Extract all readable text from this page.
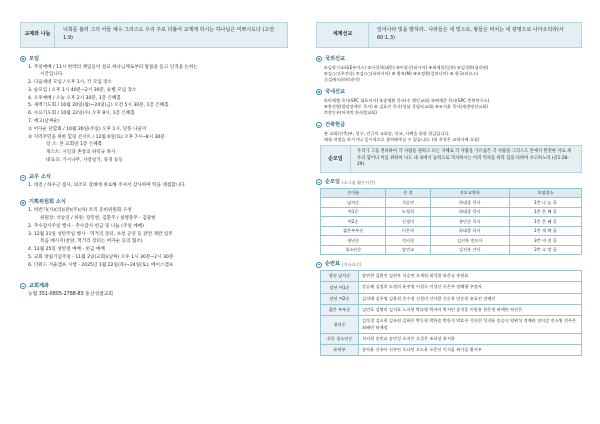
교제와 나눔
너희를 불러 그의 아들 예수 그리스도 우리 주로 더불어 교제케 하시는 하나님은 미쁘시도다 (고전 1:9)
모임
1. 주일예배 / 11시 한약의 책임들이 설교 하나님께로부터 말씀을 듣고 인격을 논하는
시간입니다.
2. 다음세대 모임 / 오후 1시, 각 모임 장소
3. 순모임 / 오후 1시 40분~2시 30분, 순별 모임 장소
4. 오후예배 / 오늘 오후 2시 30분, 1층 은혜홀
5. 새벽기도회 / 10월 20일(월)~24일(금) 오전 5시 30분, 1층 은혜홀
6. 수요기도회 / 10월 22일(수) 오후 8시, 1층 은혜홀
7. 예고(날짜순)
① 여자순 단합회 / 10월 26일(주일) 오후 1시, 단풍 나들이
② 지역주민을 위한 힐링 콘서트 / 12월 6일(토) 오후 7시~8시 30분
장 소: 본 교회당 1층 은혜홀
게스트: 시인과 촌장의 하덕규 목사
대표곡: 가시나무, 사랑일기, 풍경 등등
교우 소식
1. 대전 / 하우근 집사, 외조모 장례에 위로해 주셔서 감사하며 떡을 대접합니다.
기획위원회 소식
1. 하반기(사)(리)(관)(주)(차) 조직 준비위원회 구성
위원장: 석승연 / 위원: 장민현, 김환주 / 실행총무 - 김광헌
2. 추수감사주일 행사 - 추수감사 헌금 및 나눔 (주일 예배)
3. 12월 21일 성탄주일 행사 - 먹거리 장터, 초청 공연 등 관련 제반 업무
복음 메시지(찬양, 먹거리 장터는 여자순 등의 협조)
4. 12월 25일 성탄절 예배 - 헌금 예배
5. 교회 창립기념주일 - 11월 2일(교회)(날짜) 오후 1시 30분~2시 30분
6. 더워드 겨울캠프 시행 - 2025년 1월 22일(목)~24일(토), 베이스캠프
교회계좌
농협 351-0805-2788-83 흥산성결교회
세계선교
일어나라 빛을 발하라.. 나라들은 네 빛으로, 왕들은 비치는 네 광명으로 나아오리라(사60:1,3)
국외선교
①김형기교회(E부이스) ②이성희(태안) ③이형신(러시아) ④최재헌(일본) ⑤김성환(필리핀)
⑥김○○(우간다) ⑦김○○(유라시아) ⑧ 황보(M) ⑨조정환(캄보디아) ⑩ 한국(라오스)
⑪김에녹(파라과이)
국내선교
①비에젤 목사(SPC 대표이사) ②송영환 목사(수 행인교회) ③배재준 목사(SPC 충북연구소)
④홍선영(발달장애인 목사) ⑤ 김효진 목사(성남 갈릴리교회) ⑥조지윤 목사(새생명선교회)
⑦장인우(마지막 한사람교회)
건축헌금
본 교회(건축)부, 성구, 인근의 교회당, 선교, 사택을 위한 헌금입니다.
매월 작정을 하시거나 일시적으로 참여해주실 수 있습니다. (월 작정은 교역자께 요청)
순모임
우리가 그를 전파하여 각 사람을 권하고 모든 지혜로 각 사람을 가르침은 각 사람을 그리스도 안에서 완전한 자로 세우려 함이니 이를 위하여 나도 내 속에서 능력으로 역사하시는 이의 역사를 따라 힘을 다하여 수고하노라 (골1:28-29)
순모임 (소그룹 활동시간)
순이름	순 장	지도교역자	모임장소
남자순	석승연	하대종 목사	1층 나 눔 홀
여1순	도정희	하대종 목사	1층 은 혜 홀
여2순	신경미	홍민순 목사	1층 은 혜 홀
젊은부부순	이은희	하대종 목사	1층 세 짝 홀
청년순	석지헌	김선홍 전도사	3층 비 전 홀
청소년순	송민교	김선홍 간사	3층 소 망 홀
순번표 (가나다순)
장년 남자순	장민현 김환진 김현우 석승연 오세원 최석열 하준규 홍원표
장년 여1순	강승혜 김정희 도정희 윤주영 이경숙 이성신 이은주 장혜영 주정자
장년 여2순	김석애 김주영 김윤현 손수정 신경미 신사랑 신순옥 안순현 윤효진 전혜진
젊은 부부순	김민호 김명미 김지호 노서현 박다영 박서아 박지민 송지훈 이원홍 한은정 허예린 허진은
청년순	김성경 김소현 김조현 김하은 박동학 박한솔 박한석 박효주 석지헌 석지윤 송승녀 양완석 정예라 진미강 진소영 진주은 최혜민 허예정
초등 청소년순	석지현 송민교 송민성 오지은 오성은 조하성 홍지윤
유치부	송아윤 신주아 신주안 오다연 오도윤 오준선 이지음 허가을 황서우
